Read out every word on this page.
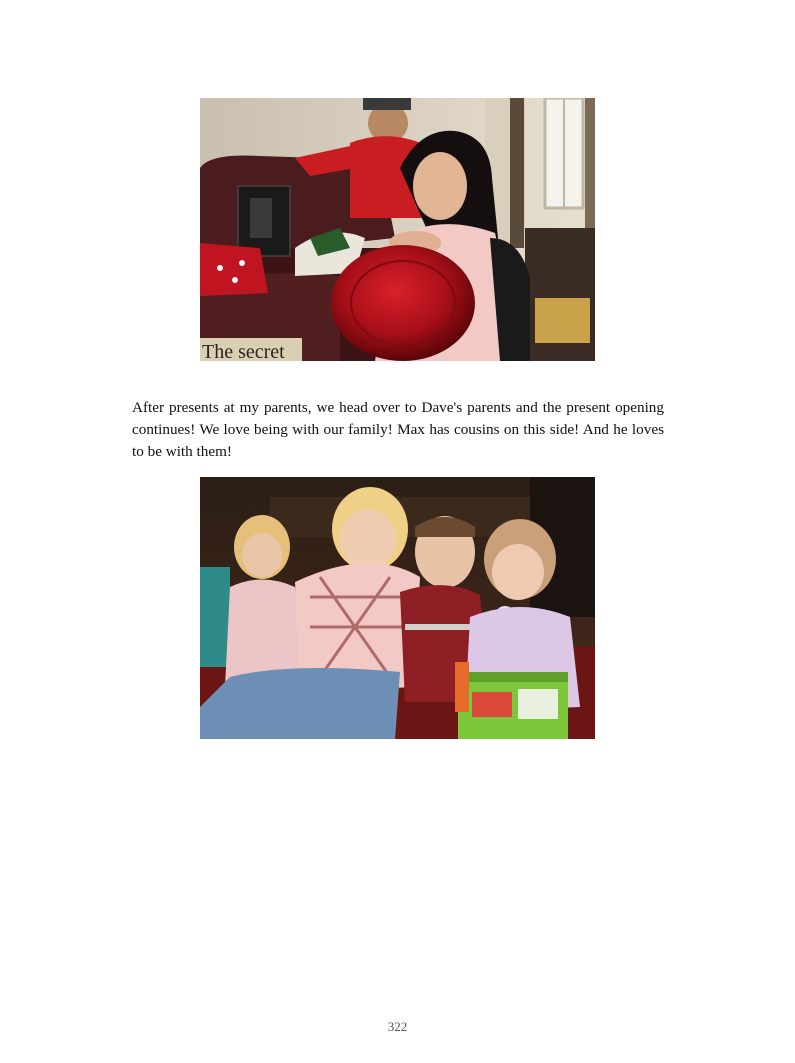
The secret

After presents at my parents, we head over to Dave's parents and the present opening continues! We love being with our family! Max has cousins on this side! And he loves to be with them!

322
